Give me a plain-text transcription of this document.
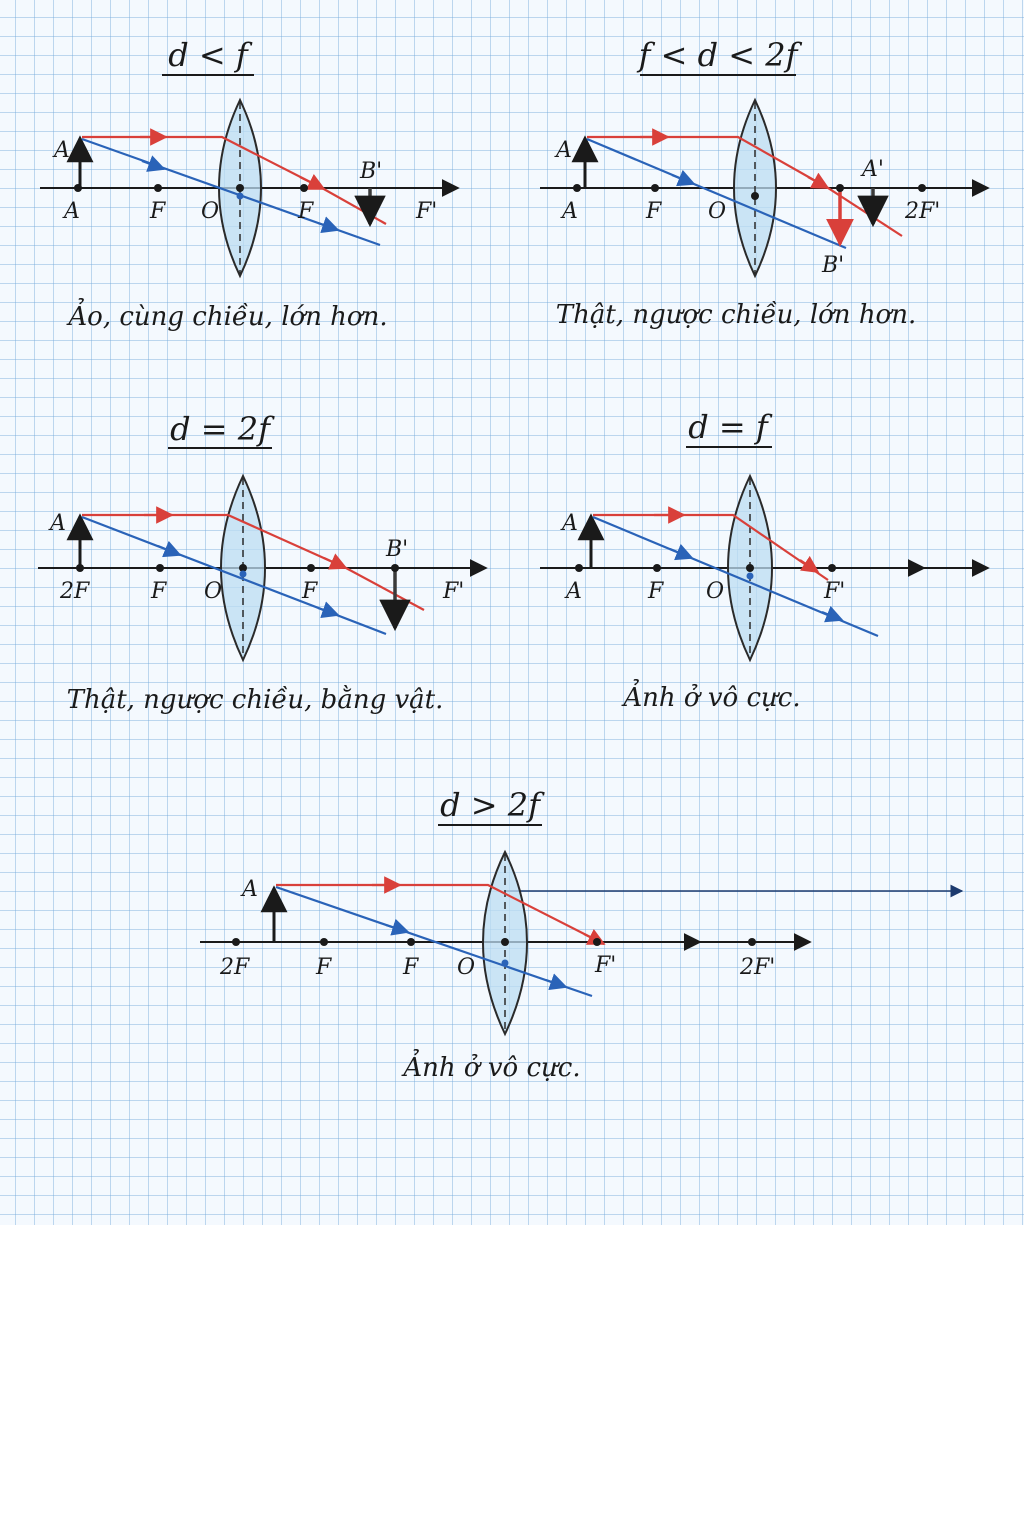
d < f
A
A	F O	F	F'
B'
Ảo, cùng chiều, lớn hơn.
f < d < 2f
A
A	F O	2F'
A'
B'
Thật, ngược chiều, lớn hơn.
d = 2f
A
2F	F O	F	F'
B'
Thật, ngược chiều, bằng vật.
d = f
A
A	F O	F'
Ảnh ở vô cực.
d > 2f
A
2F	F	F O	F'	2F'
Ảnh ở vô cực.
